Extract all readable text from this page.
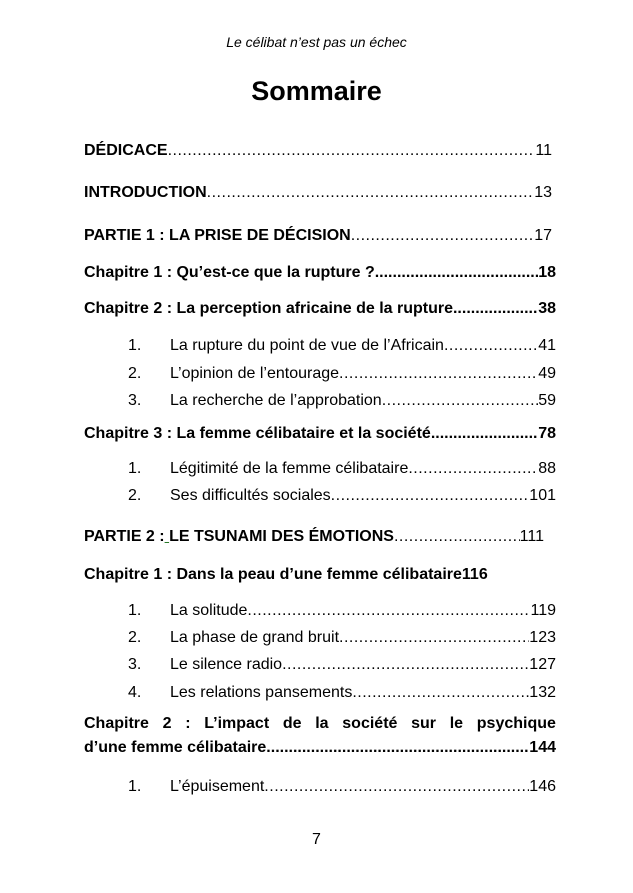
Le célibat n’est pas un échec
Sommaire
DÉDICACE .....	11
INTRODUCTION .....	13
PARTIE 1 : LA PRISE DE DÉCISION .....	17
Chapitre 1 : Qu’est-ce que la rupture ? .....	18
Chapitre 2 : La perception africaine de la rupture .....	38
1. La rupture du point de vue de l’Africain .....	41
2. L’opinion de l’entourage .....	49
3. La recherche de l’approbation .....	59
Chapitre 3 : La femme célibataire et la société .....	78
1. Légitimité de la femme célibataire .....	88
2. Ses difficultés sociales .....	101
PARTIE 2 : LE TSUNAMI DES ÉMOTIONS .....	111
Chapitre 1 : Dans la peau d’une femme célibataire 116
1. La solitude .....	119
2. La phase de grand bruit .....	123
3. Le silence radio .....	127
4. Les relations pansements .....	132
Chapitre 2 : L’impact de la société sur le psychique
d’une femme célibataire .....	144
1. L’épuisement .....	146
7
